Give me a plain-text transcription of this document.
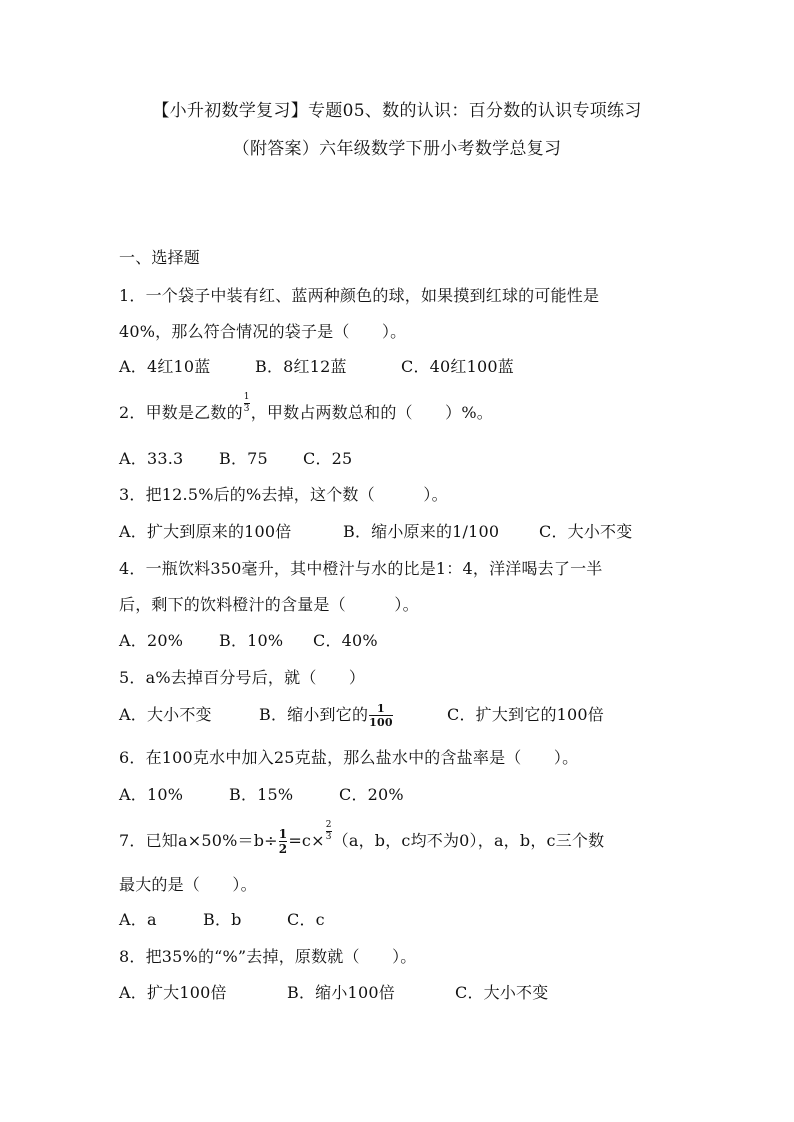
【小升初数学复习】专题05、数的认识：百分数的认识专项练习
（附答案）六年级数学下册小考数学总复习
一、选择题
1．一个袋子中装有红、蓝两种颜色的球，如果摸到红球的可能性是
40%，那么符合情况的袋子是（　　）。
A．4红10蓝	B．8红12蓝	C．40红100蓝
2．甲数是乙数的 $\frac{1}{3}$ ，甲数占两数总和的（　　）%。
A．33.3 B．75 C．25
3．把12.5%后的%去掉，这个数（　　　）。
A．扩大到原来的100倍	B．缩小原来的1/100 C．大小不变
4．一瓶饮料350毫升，其中橙汁与水的比是1：4，洋洋喝去了一半
后，剩下的饮料橙汁的含量是（　　　）。
A．20% B．10% C．40%
5．a%去掉百分号后，就（　　）
A．大小不变	B．缩小到它的 $\frac{1}{100}$	C．扩大到它的100倍
6．在100克水中加入25克盐，那么盐水中的含盐率是（　　）。
A．10%	B．15%	C．20%
7．已知$a\times 50\%=b\div \frac{1}{2} =c\times \frac{2}{3} (a$，b，c均不为0），a，b，c三个数
最大的是（　　）。
A．a	B．b	C．c
8．把35%的“%”去掉，原数就（　　）。
A．扩大100倍	B．缩小100倍	C．大小不变
